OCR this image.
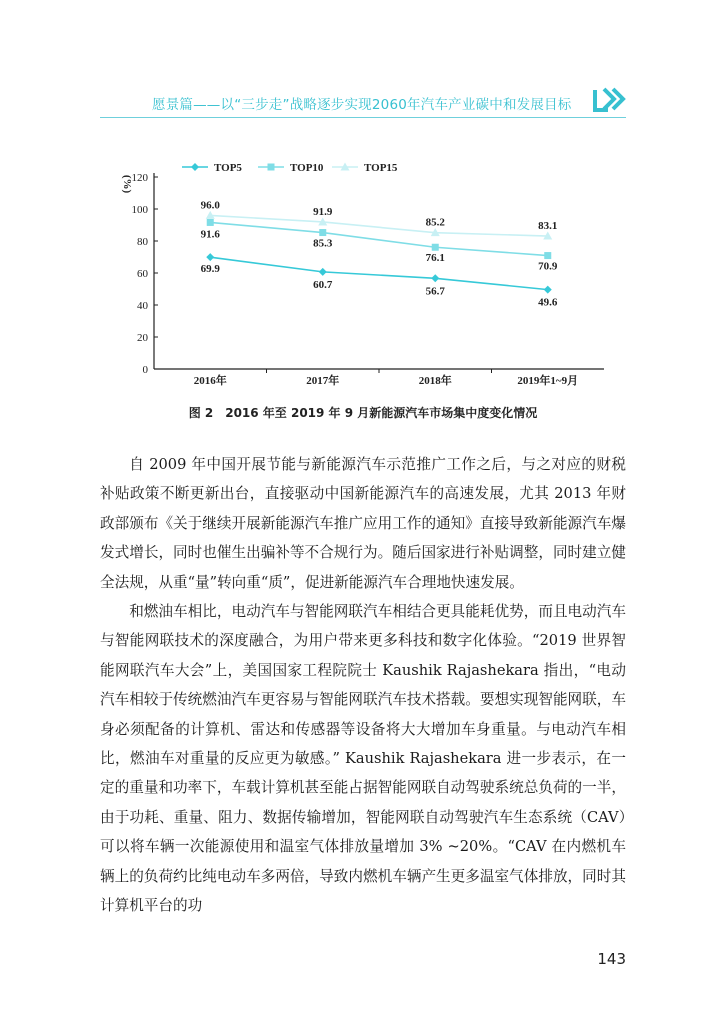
愿景篇——以“三步走”战略逐步实现2060年汽车产业碳中和发展目标
TOP5	TOP10	TOP15
(%)
0
20
40
60
80
100
120
2016年	2017年	2018年	2019年1~9月
69.9
60.7
56.7
49.6
91.6
85.3
76.1
70.9
96.0
91.9
85.2	83.1
图 2　2016 年至 2019 年 9 月新能源汽车市场集中度变化情况

自 2009 年中国开展节能与新能源汽车示范推广工作之后，与之对应的财税补贴政策不断更新出台，直接驱动中国新能源汽车的高速发展，尤其 2013 年财政部颁布《关于继续开展新能源汽车推广应用工作的通知》直接导致新能源汽车爆发式增长，同时也催生出骗补等不合规行为。随后国家进行补贴调整，同时建立健全法规，从重“量”转向重“质”，促进新能源汽车合理地快速发展。

和燃油车相比，电动汽车与智能网联汽车相结合更具能耗优势，而且电动汽车与智能网联技术的深度融合，为用户带来更多科技和数字化体验。“2019 世界智能网联汽车大会”上，美国国家工程院院士 Kaushik Rajashekara 指出，“电动汽车相较于传统燃油汽车更容易与智能网联汽车技术搭载。要想实现智能网联，车身必须配备的计算机、雷达和传感器等设备将大大增加车身重量。与电动汽车相比，燃油车对重量的反应更为敏感。” Kaushik Rajashekara 进一步表示，在一定的重量和功率下，车载计算机甚至能占据智能网联自动驾驶系统总负荷的一半，由于功耗、重量、阻力、数据传输增加，智能网联自动驾驶汽车生态系统（CAV）可以将车辆一次能源使用和温室气体排放量增加 3% ~20%。“CAV 在内燃机车辆上的负荷约比纯电动车多两倍，导致内燃机车辆产生更多温室气体排放，同时其计算机平台的功

143
